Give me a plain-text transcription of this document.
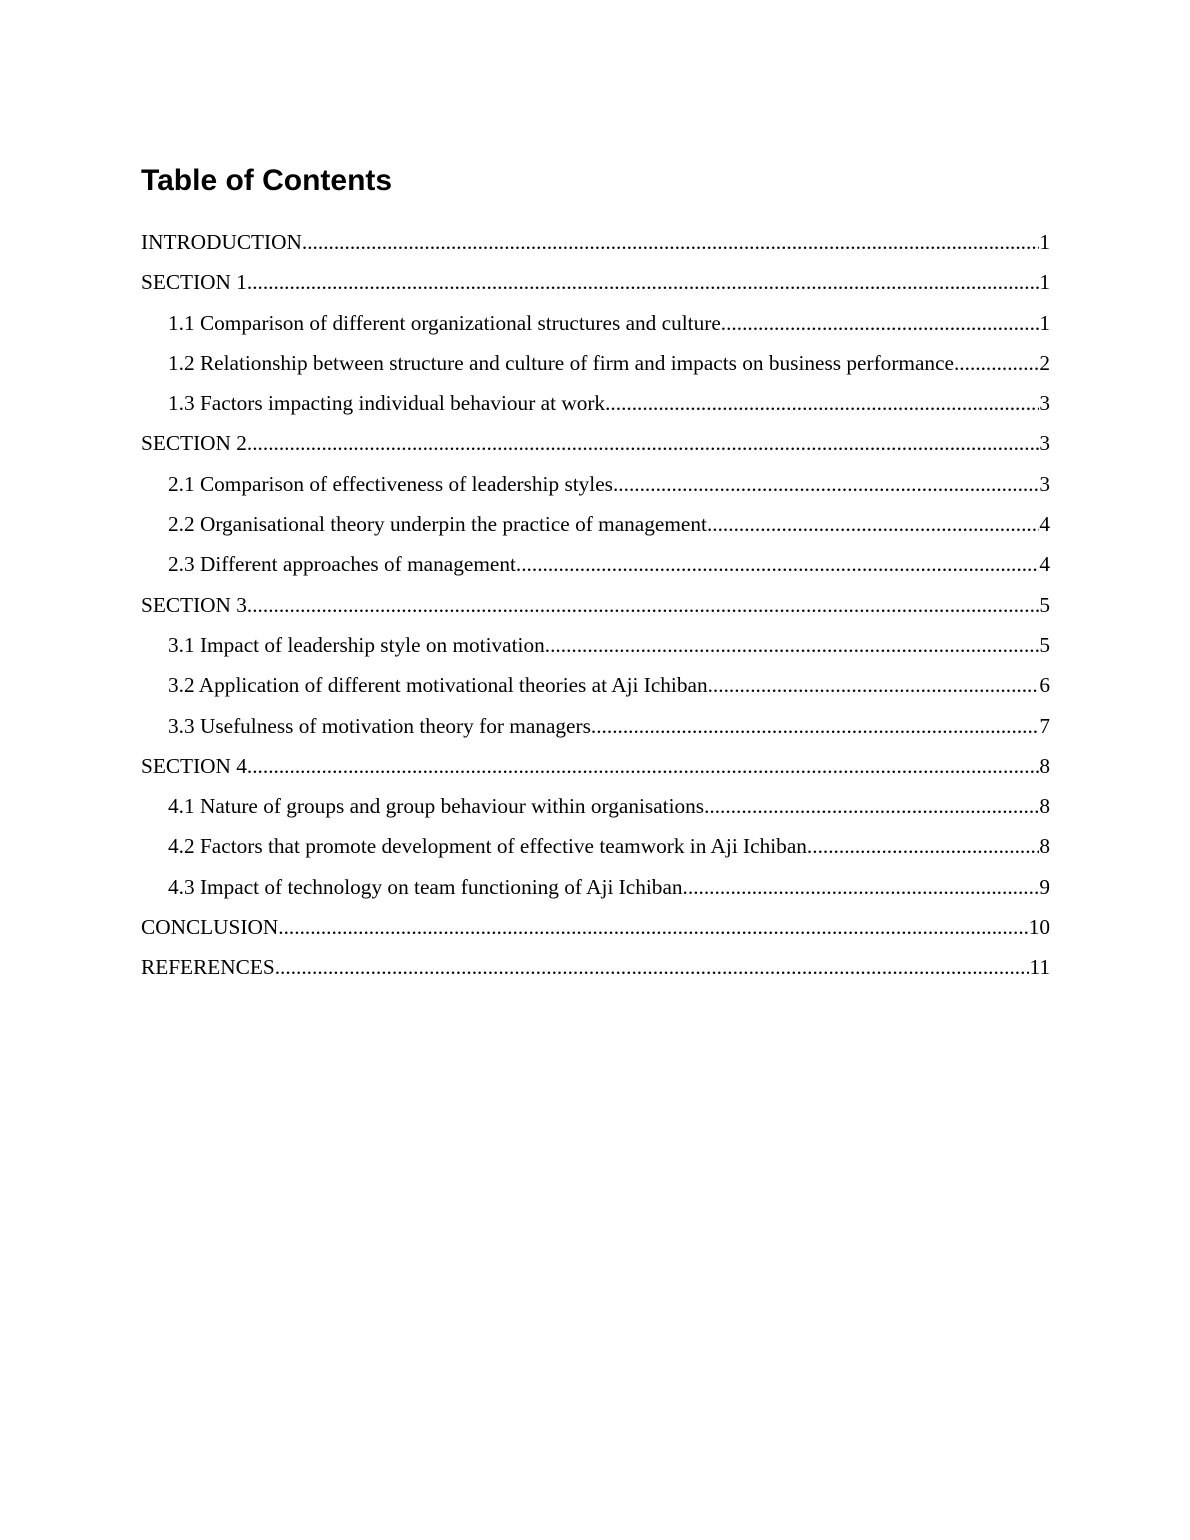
Table of Contents
INTRODUCTION .....	1
SECTION 1 .....	1
1.1 Comparison of different organizational structures and culture .....	1
1.2 Relationship between structure and culture of firm and impacts on business performance .....	2
1.3 Factors impacting individual behaviour at work .....	3
SECTION 2 .....	3
2.1 Comparison of effectiveness of leadership styles .....	3
2.2 Organisational theory underpin the practice of management .....	4
2.3 Different approaches of management .....	4
SECTION 3 .....	5
3.1 Impact of leadership style on motivation .....	5
3.2 Application of different motivational theories at Aji Ichiban .....	6
3.3 Usefulness of motivation theory for managers .....	7
SECTION 4 .....	8
4.1 Nature of groups and group behaviour within organisations .....	8
4.2 Factors that promote development of effective teamwork in Aji Ichiban .....	8
4.3 Impact of technology on team functioning of Aji Ichiban .....	9
CONCLUSION .....	10
REFERENCES .....	11
